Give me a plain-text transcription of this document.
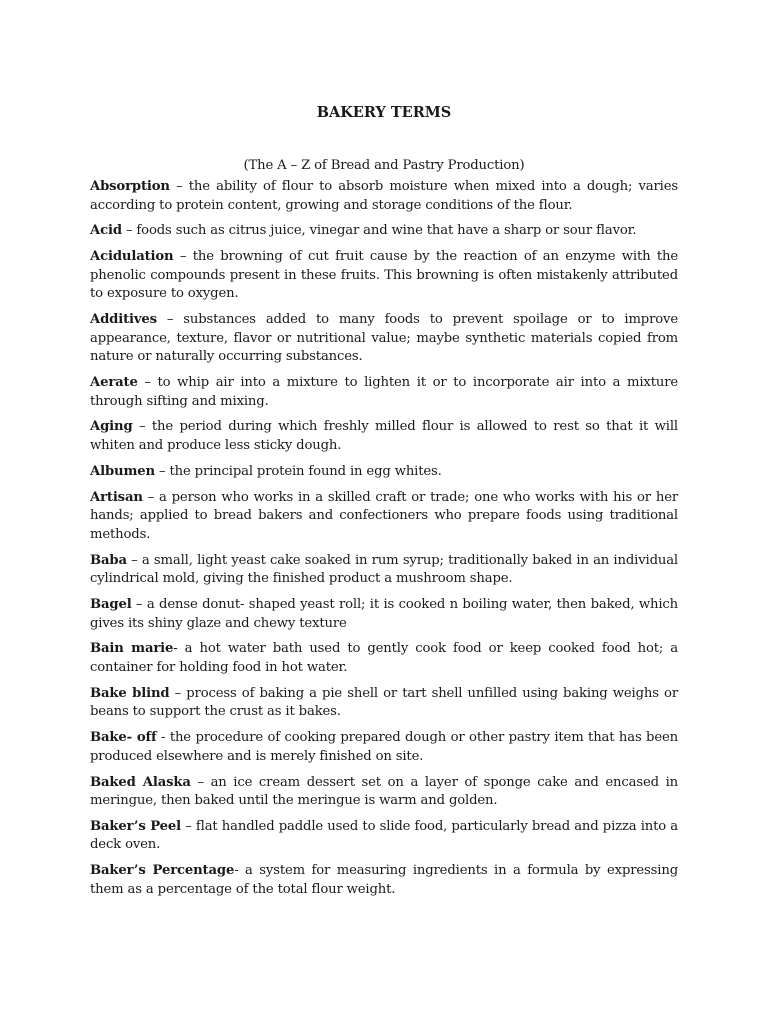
BAKERY TERMS

(The A – Z of Bread and Pastry Production)

Absorption – the ability of flour to absorb moisture when mixed into a dough; varies according to protein content, growing and storage conditions of the flour.

Acid – foods such as citrus juice, vinegar and wine that have a sharp or sour flavor.

Acidulation – the browning of cut fruit cause by the reaction of an enzyme with the phenolic compounds present in these fruits. This browning is often mistakenly attributed to exposure to oxygen.

Additives – substances added to many foods to prevent spoilage or to improve appearance, texture, flavor or nutritional value; maybe synthetic materials copied from nature or naturally occurring substances.

Aerate – to whip air into a mixture to lighten it or to incorporate air into a mixture through sifting and mixing.

Aging – the period during which freshly milled flour is allowed to rest so that it will whiten and produce less sticky dough.

Albumen – the principal protein found in egg whites.

Artisan – a person who works in a skilled craft or trade; one who works with his or her hands; applied to bread bakers and confectioners who prepare foods using traditional methods.

Baba – a small, light yeast cake soaked in rum syrup; traditionally baked in an individual cylindrical mold, giving the finished product a mushroom shape.

Bagel – a dense donut- shaped yeast roll; it is cooked n boiling water, then baked, which gives its shiny glaze and chewy texture

Bain marie- a hot water bath used to gently cook food or keep cooked food hot; a container for holding food in hot water.

Bake blind – process of baking a pie shell or tart shell unfilled using baking weighs or beans to support the crust as it bakes.

Bake- off - the procedure of cooking prepared dough or other pastry item that has been produced elsewhere and is merely finished on site.

Baked Alaska – an ice cream dessert set on a layer of sponge cake and encased in meringue, then baked until the meringue is warm and golden.

Baker’s Peel – flat handled paddle used to slide food, particularly bread and pizza into a deck oven.

Baker’s Percentage- a system for measuring ingredients in a formula by expressing them as a percentage of the total flour weight.
